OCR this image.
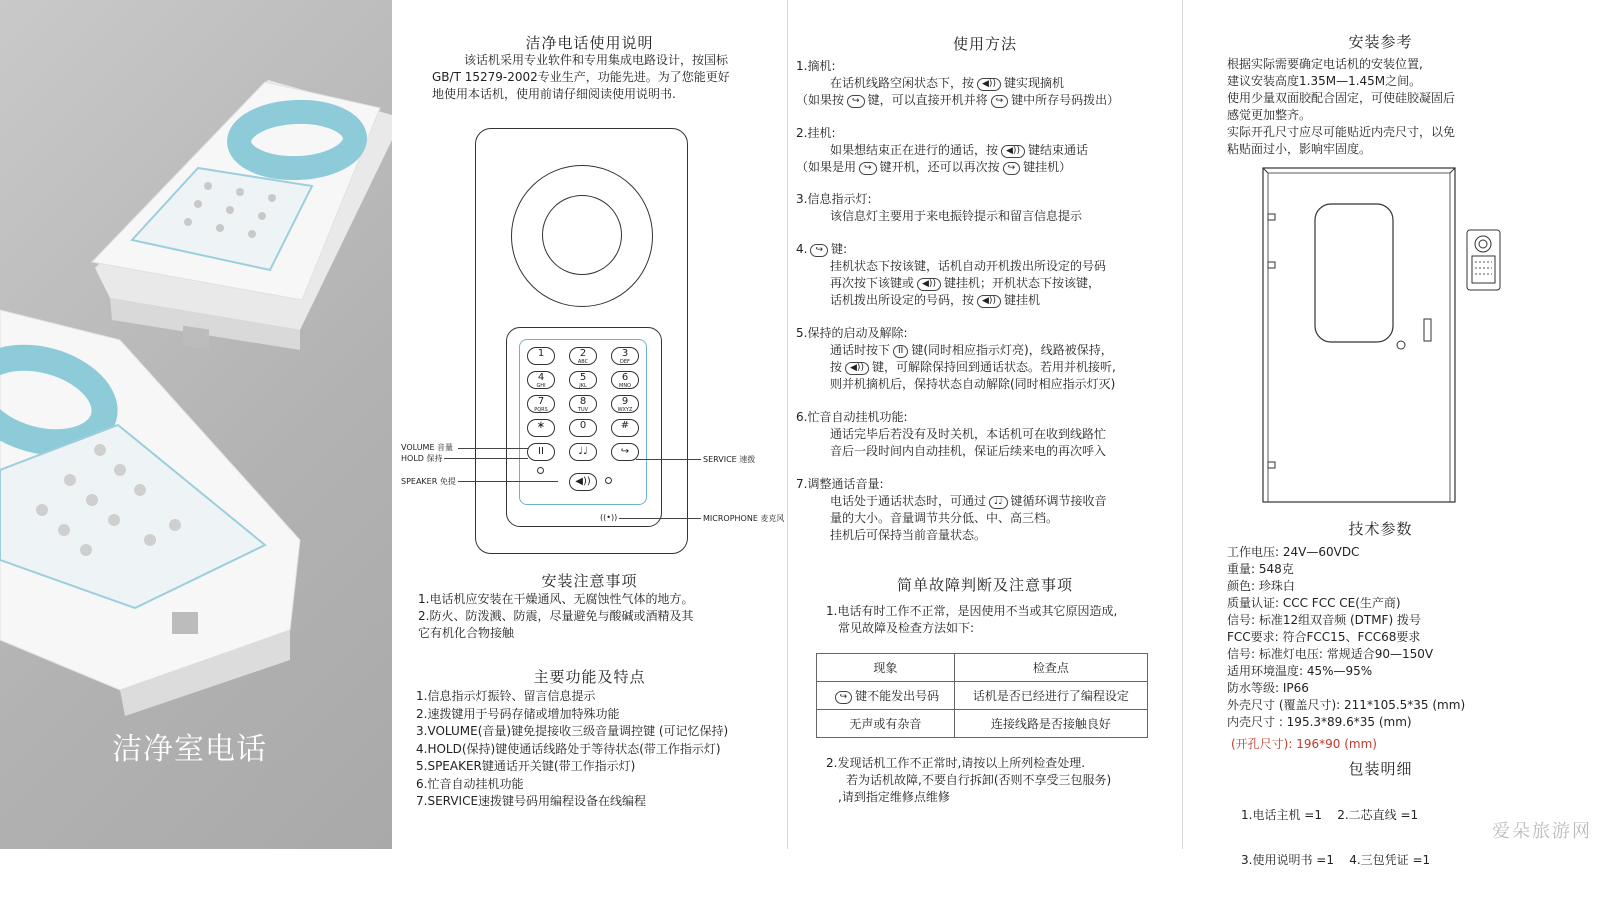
洁净室电话
洁净电话使用说明
该话机采用专业软件和专用集成电路设计，按国标
GB/T 15279-2002专业生产，功能先进。为了您能更好
地使用本话机，使用前请仔细阅读使用说明书.
1	2
ABC
3
DEF
4
GHI
5
JKL
6
MNO
7
PQRS
8
TUV
9
WXYZ
∗	0	#
II	♩♩	↪
◀))
((•))
VOLUME 音量
HOLD 保持
SPEAKER 免提
SERVICE 速拨
MICROPHONE 麦克风
安装注意事项
1.电话机应安装在干燥通风、无腐蚀性气体的地方。
2.防火、防泼溅、防震，尽量避免与酸碱或酒精及其
它有机化合物接触
主要功能及特点
1.信息指示灯振铃、留言信息提示
2.速拨键用于号码存储或增加特殊功能
3.VOLUME(音量)键免提接收三级音量调控键 (可记忆保持)
4.HOLD(保持)键使通话线路处于等待状态(带工作指示灯)
5.SPEAKER键通话开关键(带工作指示灯)
6.忙音自动挂机功能
7.SERVICE速拨键号码用编程设备在线编程
使用方法
1.摘机:
在话机线路空闲状态下，按 ◀)) 键实现摘机
（如果按 ↪ 键，可以直接开机并将 ↪ 键中所存号码拨出）
2.挂机:
如果想结束正在进行的通话，按 ◀)) 键结束通话
（如果是用 ↪ 键开机，还可以再次按 ↪ 键挂机）
3.信息指示灯:
该信息灯主要用于来电振铃提示和留言信息提示
4. ↪ 键:
挂机状态下按该键，话机自动开机拨出所设定的号码
再次按下该键或 ◀)) 键挂机；开机状态下按该键，
话机拨出所设定的号码，按 ◀)) 键挂机
5.保持的启动及解除:
通话时按下 II 键(同时相应指示灯亮)，线路被保持，
按 ◀)) 键，可解除保持回到通话状态。若用并机接听,
则并机摘机后，保持状态自动解除(同时相应指示灯灭)
6.忙音自动挂机功能:
通话完毕后若没有及时关机，本话机可在收到线路忙
音后一段时间内自动挂机，保证后续来电的再次呼入
7.调整通话音量:
电话处于通话状态时，可通过 ♩♩ 键循环调节接收音
量的大小。音量调节共分低、中、高三档。
挂机后可保持当前音量状态。
简单故障判断及注意事项
1.电话有时工作不正常，是因使用不当或其它原因造成,
常见故障及检查方法如下:
现象	检查点
↪ 键不能发出号码	话机是否已经进行了编程设定
无声或有杂音	连接线路是否接触良好
2.发现话机工作不正常时,请按以上所列检查处理.
若为话机故障,不要自行拆卸(否则不享受三包服务)
,请到指定维修点维修
安装参考
根据实际需要确定电话机的安装位置,
建议安装高度1.35M—1.45M之间。
使用少量双面胶配合固定，可使硅胶凝固后
感觉更加整齐。
实际开孔尺寸应尽可能贴近内壳尺寸，以免
粘贴面过小，影响牢固度。
技术参数
工作电压: 24V—60VDC
重量: 548克
颜色: 珍珠白
质量认证: CCC FCC CE(生产商)
信号: 标准12组双音频 (DTMF) 拨号
FCC要求: 符合FCC15、FCC68要求
信号: 标准灯电压: 常规适合90—150V
适用环境温度: 45%—95%
防水等级: IP66
外壳尺寸 (覆盖尺寸): 211*105.5*35 (mm)
内壳尺寸 : 195.3*89.6*35 (mm)
(开孔尺寸): 196*90 (mm)
包装明细

1.电话主机 =1    2.二芯直线 =1

3.使用说明书 =1    4.三包凭证 =1

爱朵旅游网
